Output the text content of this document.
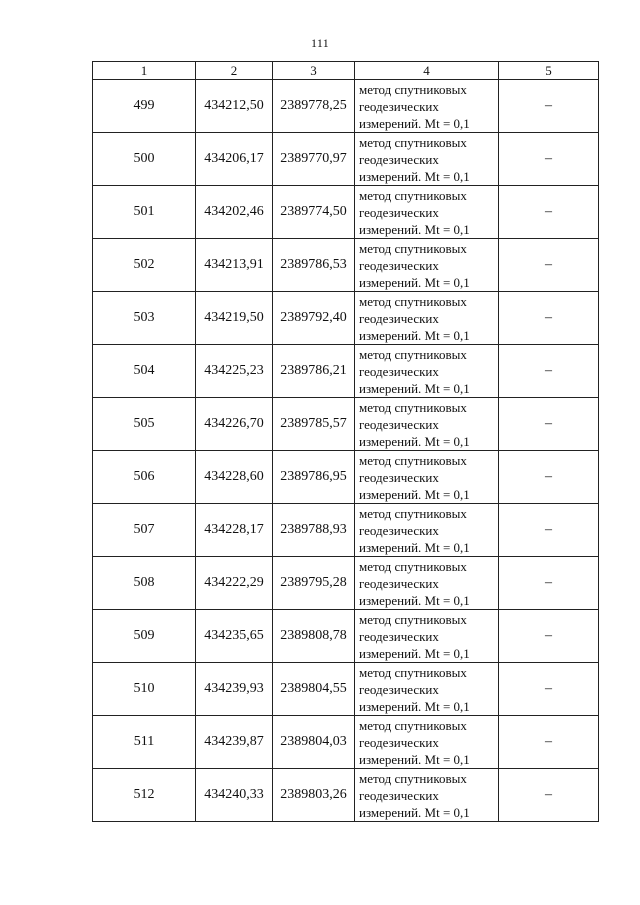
111
1	2	3	4	5
499	434212,50	2389778,25	метод спутниковых
геодезических
измерений. Mt = 0,1	–
500	434206,17	2389770,97	метод спутниковых
геодезических
измерений. Mt = 0,1	–
501	434202,46	2389774,50	метод спутниковых
геодезических
измерений. Mt = 0,1	–
502	434213,91	2389786,53	метод спутниковых
геодезических
измерений. Mt = 0,1	–
503	434219,50	2389792,40	метод спутниковых
геодезических
измерений. Mt = 0,1	–
504	434225,23	2389786,21	метод спутниковых
геодезических
измерений. Mt = 0,1	–
505	434226,70	2389785,57	метод спутниковых
геодезических
измерений. Mt = 0,1	–
506	434228,60	2389786,95	метод спутниковых
геодезических
измерений. Mt = 0,1	–
507	434228,17	2389788,93	метод спутниковых
геодезических
измерений. Mt = 0,1	–
508	434222,29	2389795,28	метод спутниковых
геодезических
измерений. Mt = 0,1	–
509	434235,65	2389808,78	метод спутниковых
геодезических
измерений. Mt = 0,1	–
510	434239,93	2389804,55	метод спутниковых
геодезических
измерений. Mt = 0,1	–
511	434239,87	2389804,03	метод спутниковых
геодезических
измерений. Mt = 0,1	–
512	434240,33	2389803,26	метод спутниковых
геодезических
измерений. Mt = 0,1	–
